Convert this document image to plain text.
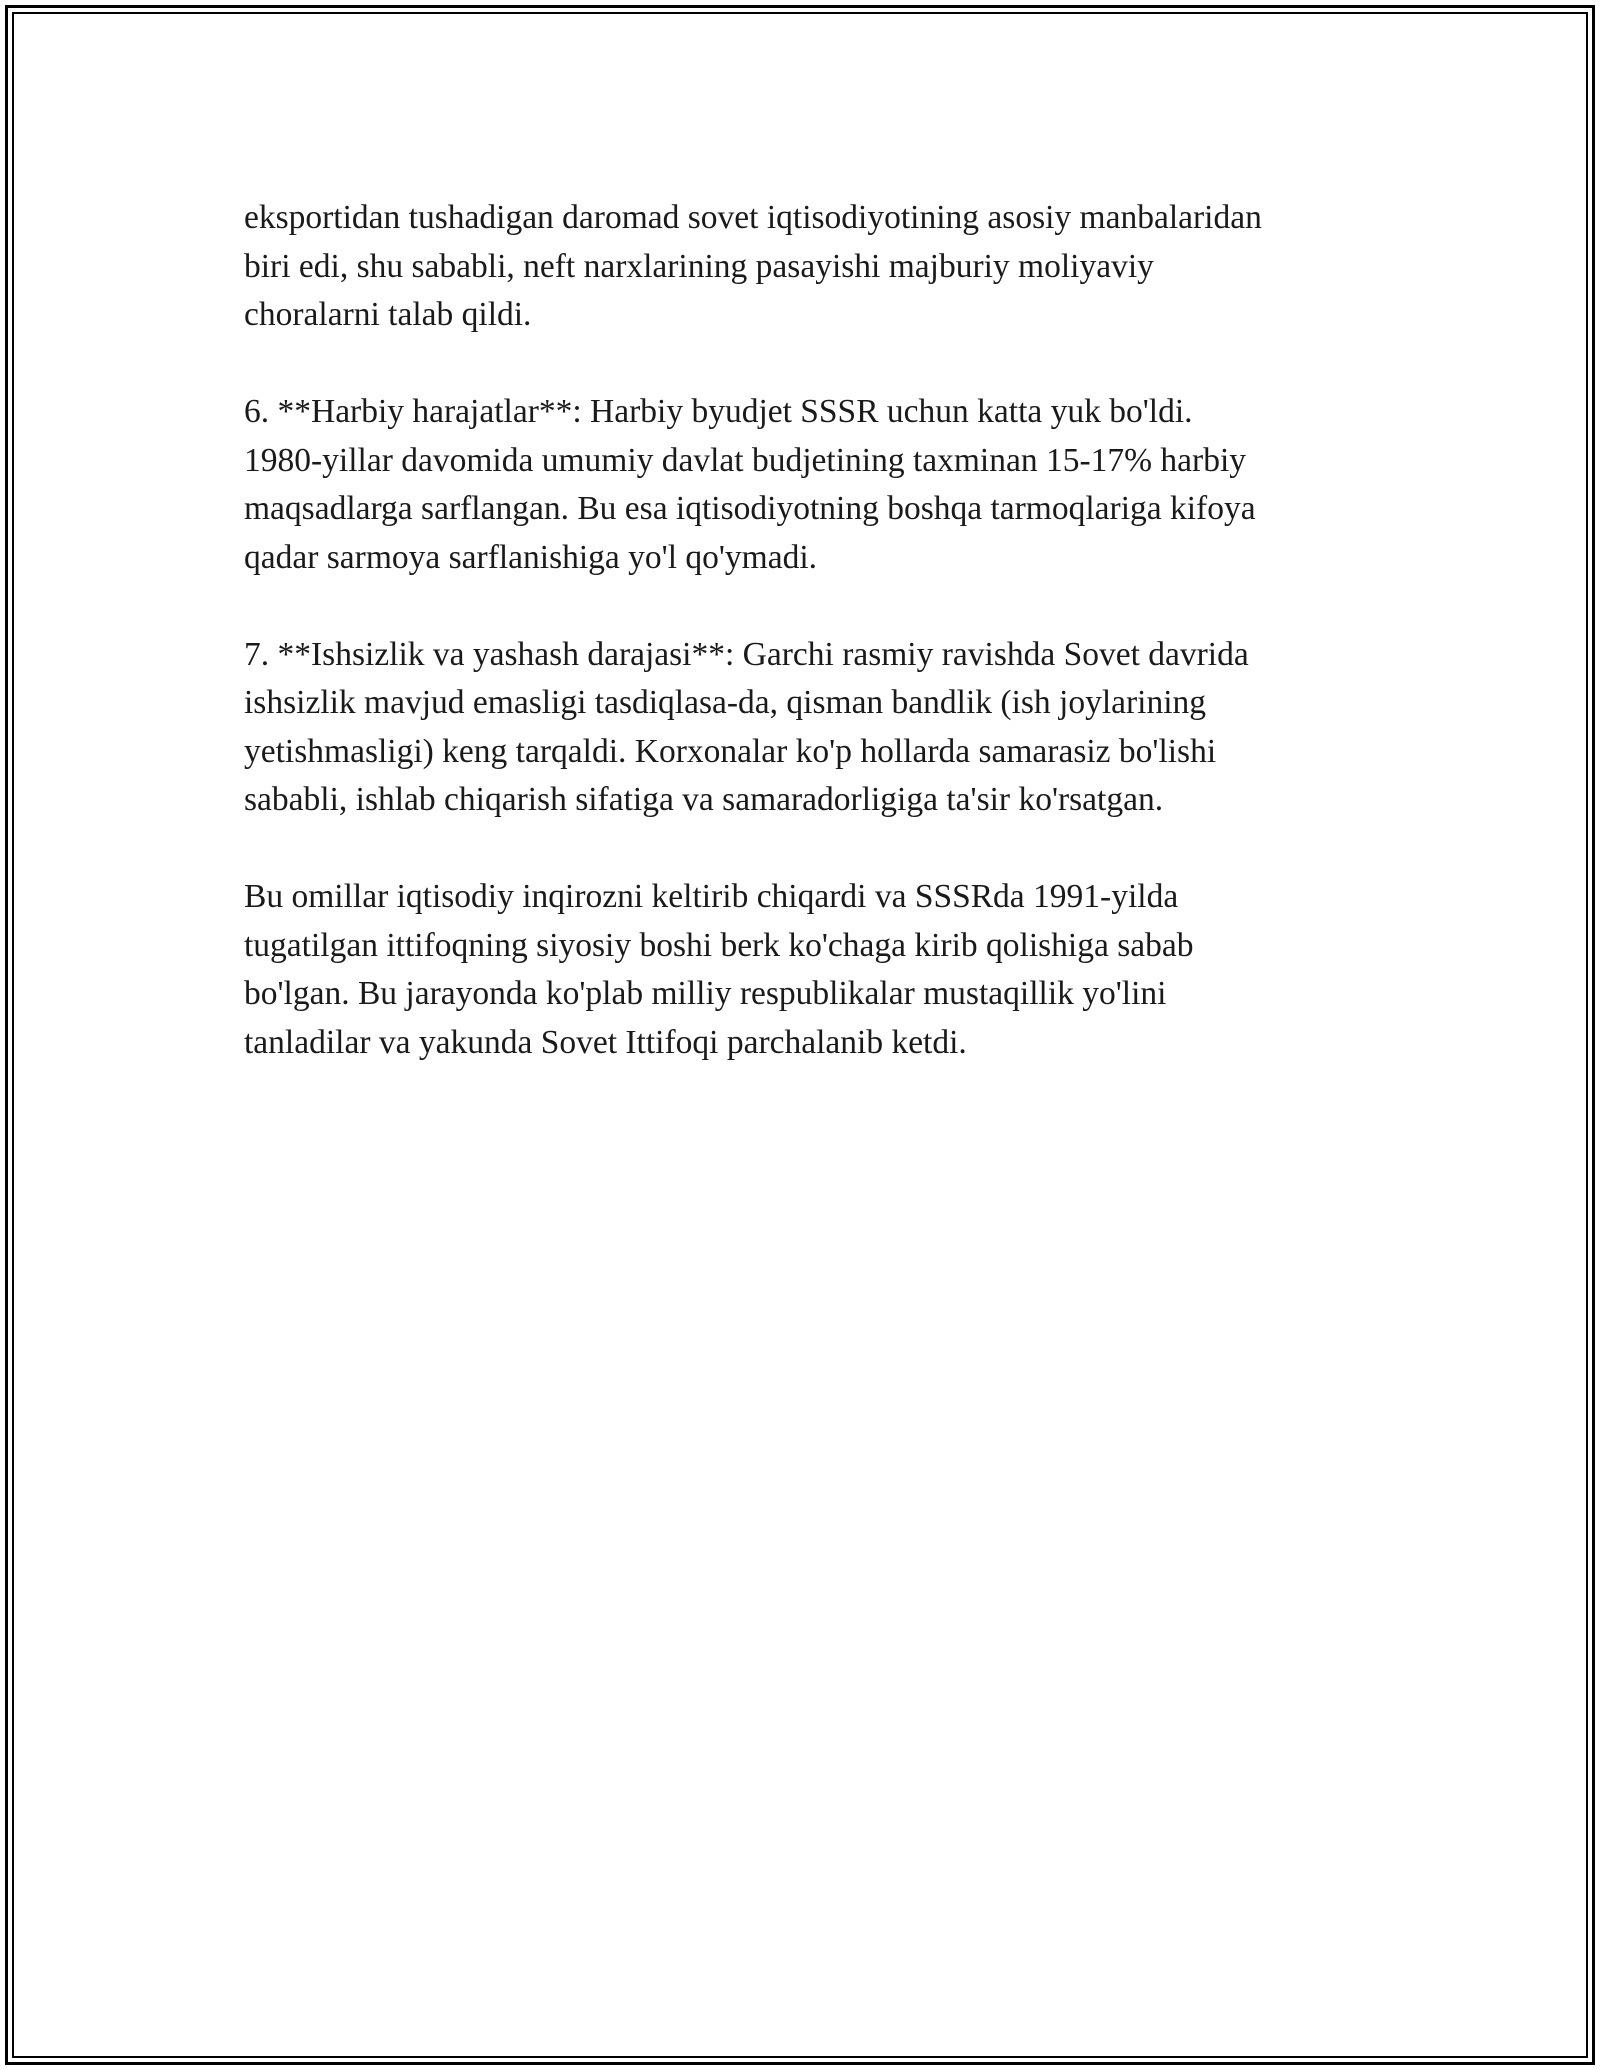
eksportidan tushadigan daromad sovet iqtisodiyotining asosiy manbalaridan
biri edi, shu sababli, neft narxlarining pasayishi majburiy moliyaviy
choralarni talab qildi.

6. **Harbiy harajatlar**: Harbiy byudjet SSSR uchun katta yuk bo'ldi.
1980-yillar davomida umumiy davlat budjetining taxminan 15-17% harbiy
maqsadlarga sarflangan. Bu esa iqtisodiyotning boshqa tarmoqlariga kifoya
qadar sarmoya sarflanishiga yo'l qo'ymadi.

7. **Ishsizlik va yashash darajasi**: Garchi rasmiy ravishda Sovet davrida
ishsizlik mavjud emasligi tasdiqlasa-da, qisman bandlik (ish joylarining
yetishmasligi) keng tarqaldi. Korxonalar ko'p hollarda samarasiz bo'lishi
sababli, ishlab chiqarish sifatiga va samaradorligiga ta'sir ko'rsatgan.

Bu omillar iqtisodiy inqirozni keltirib chiqardi va SSSRda 1991-yilda
tugatilgan ittifoqning siyosiy boshi berk ko'chaga kirib qolishiga sabab
bo'lgan. Bu jarayonda ko'plab milliy respublikalar mustaqillik yo'lini
tanladilar va yakunda Sovet Ittifoqi parchalanib ketdi.
